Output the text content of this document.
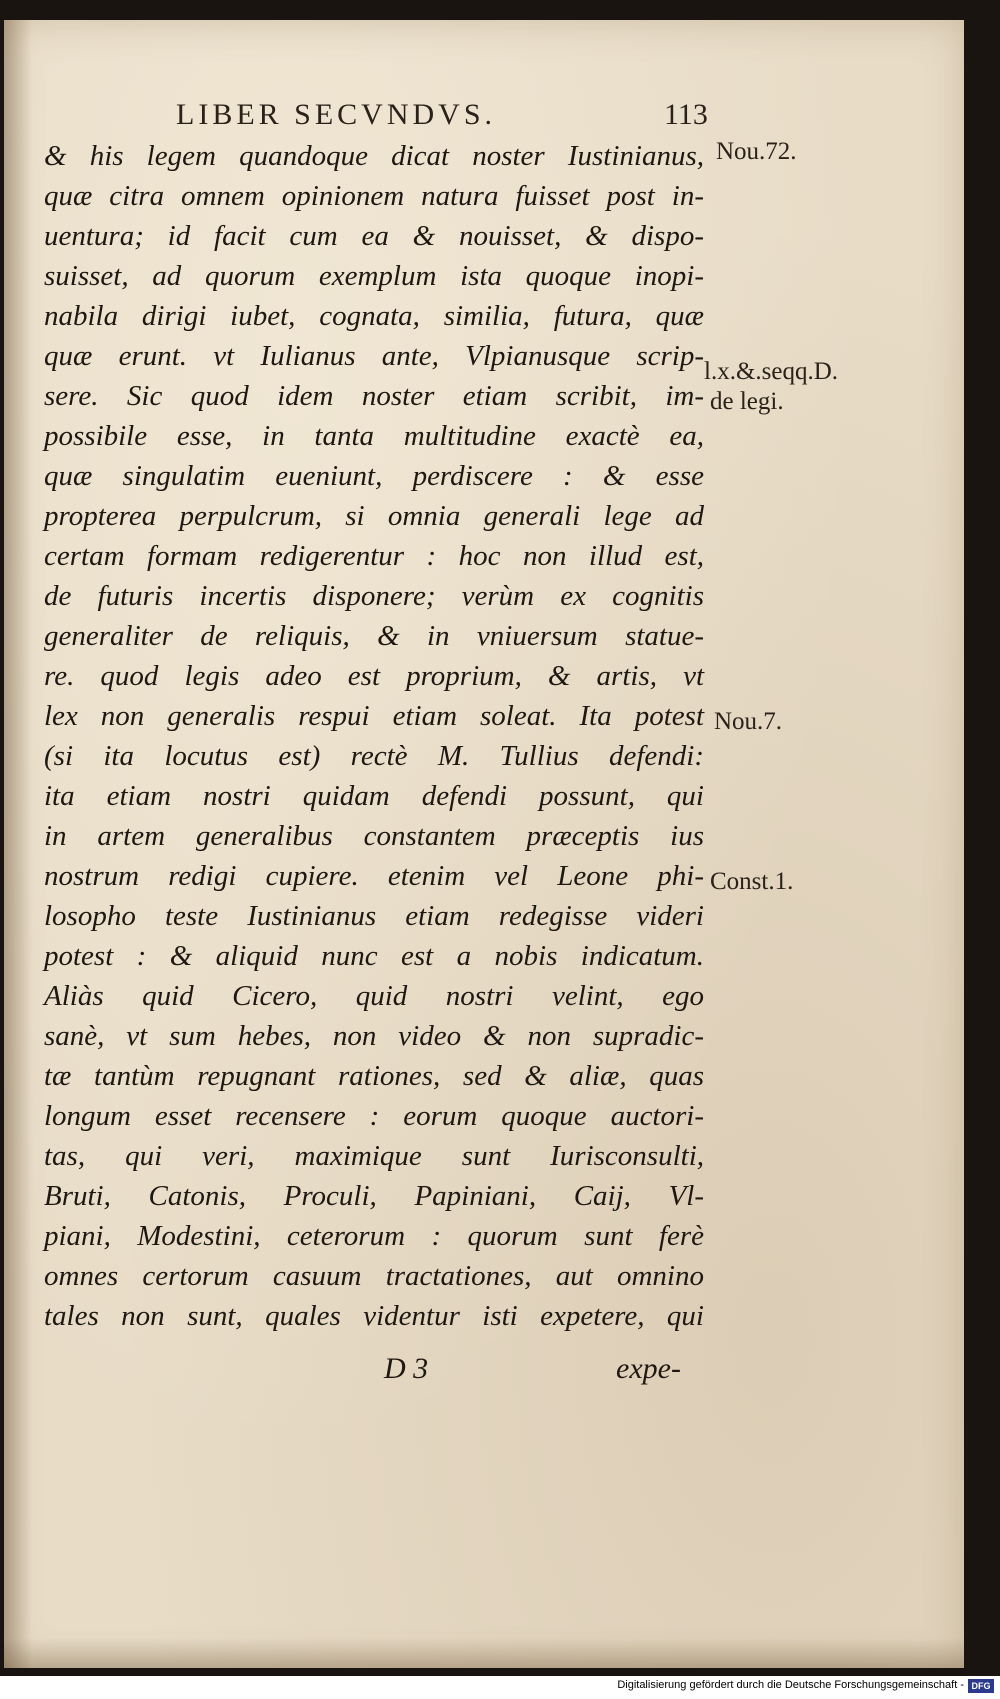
LIBER SECVNDVS.	113
& his legem quandoque dicat noster Iustinianus,
quæ citra omnem opinionem natura fuisset post in-
uentura; id facit cum ea & nouisset, & dispo-
suisset, ad quorum exemplum ista quoque inopi-
nabila dirigi iubet, cognata, similia, futura, quæ
quæ erunt. vt Iulianus ante, Vlpianusque scrip-
sere. Sic quod idem noster etiam scribit, im-
possibile esse, in tanta multitudine exactè ea,
quæ singulatim eueniunt, perdiscere : & esse
propterea perpulcrum, si omnia generali lege ad
certam formam redigerentur : hoc non illud est,
de futuris incertis disponere; verùm ex cognitis
generaliter de reliquis, & in vniuersum statue-
re. quod legis adeo est proprium, & artis, vt
lex non generalis respui etiam soleat. Ita potest
(si ita locutus est) rectè M. Tullius defendi:
ita etiam nostri quidam defendi possunt, qui
in artem generalibus constantem præceptis ius
nostrum redigi cupiere. etenim vel Leone phi-
losopho teste Iustinianus etiam redegisse videri
potest : & aliquid nunc est a nobis indicatum.
Aliàs quid Cicero, quid nostri velint, ego
sanè, vt sum hebes, non video & non supradic-
tæ tantùm repugnant rationes, sed & aliæ, quas
longum esset recensere : eorum quoque auctori-
tas, qui veri, maximique sunt Iurisconsulti,
Bruti, Catonis, Proculi, Papiniani, Caij, Vl-
piani, Modestini, ceterorum : quorum sunt ferè
omnes certorum casuum tractationes, aut omnino
tales non sunt, quales videntur isti expetere, qui
Nou.72.
l.x.&.seqq.D.
de legi.
Nou.7.
Const.1.
D 3	expe-
Digitalisierung gefördert durch die Deutsche Forschungsgemeinschaft - DFG
